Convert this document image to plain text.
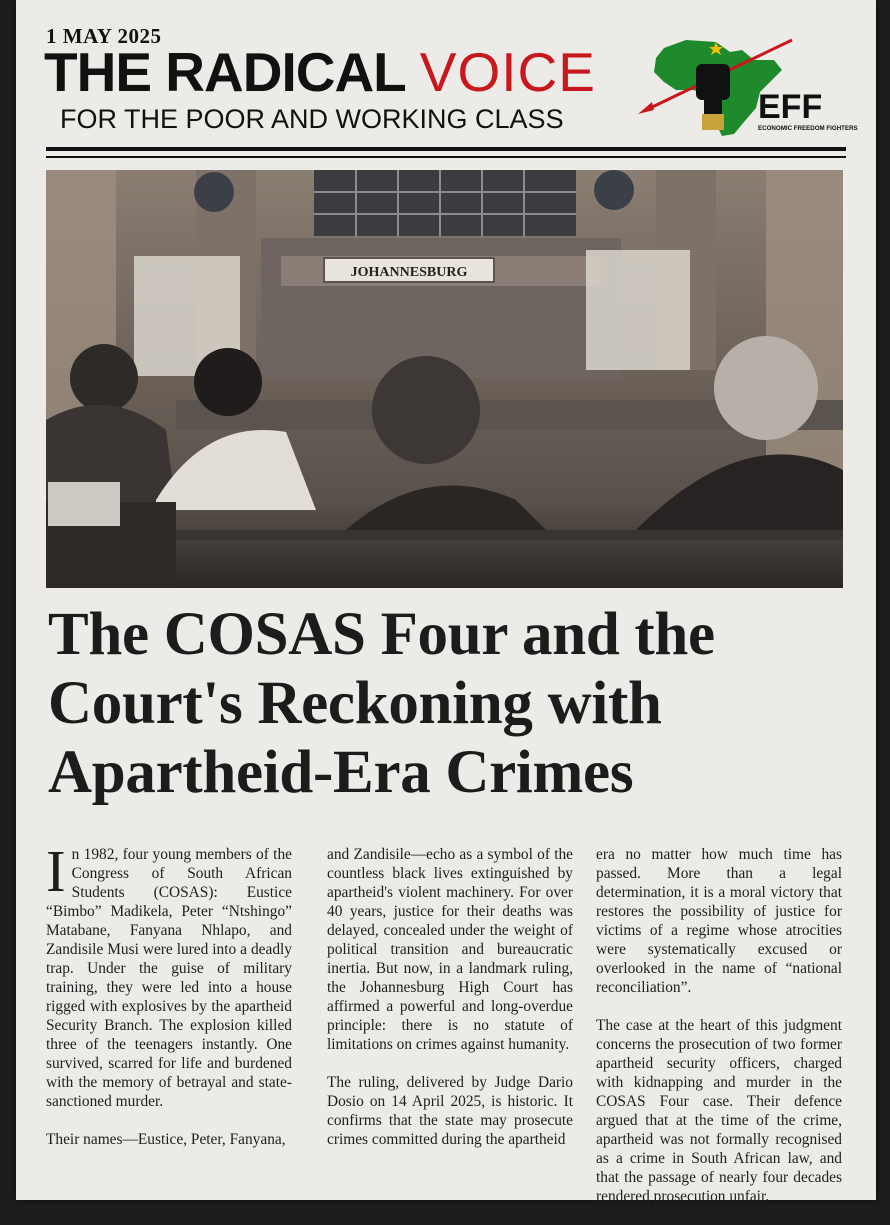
1 MAY 2025
THE RADICAL VOICE
FOR THE POOR AND WORKING CLASS	EFF
ECONOMIC FREEDOM FIGHTERS
JOHANNESBURG
The COSAS Four and the
Court's Reckoning with
Apartheid-Era Crimes

In 1982, four young members of the Congress of South African Students (COSAS): Eustice “Bimbo” Madikela, Peter “Ntshingo” Matabane, Fanyana Nhlapo, and Zandisile Musi were lured into a deadly trap. Under the guise of military training, they were led into a house rigged with explosives by the apartheid Security Branch. The explosion killed three of the teenagers instantly. One survived, scarred for life and burdened with the memory of betrayal and state-sanctioned murder.

Their names—Eustice, Peter, Fanyana,

and Zandisile—echo as a symbol of the countless black lives extinguished by apartheid's violent machinery. For over 40 years, justice for their deaths was delayed, concealed under the weight of political transition and bureaucratic inertia. But now, in a landmark ruling, the Johannesburg High Court has affirmed a powerful and long-overdue principle: there is no statute of limitations on crimes against humanity.

The ruling, delivered by Judge Dario Dosio on 14 April 2025, is historic. It confirms that the state may prosecute crimes committed during the apartheid

era no matter how much time has passed. More than a legal determination, it is a moral victory that restores the possibility of justice for victims of a regime whose atrocities were systematically excused or overlooked in the name of “national reconciliation”.

The case at the heart of this judgment concerns the prosecution of two former apartheid security officers, charged with kidnapping and murder in the COSAS Four case. Their defence argued that at the time of the crime, apartheid was not formally recognised as a crime in South African law, and that the passage of nearly four decades rendered prosecution unfair.
